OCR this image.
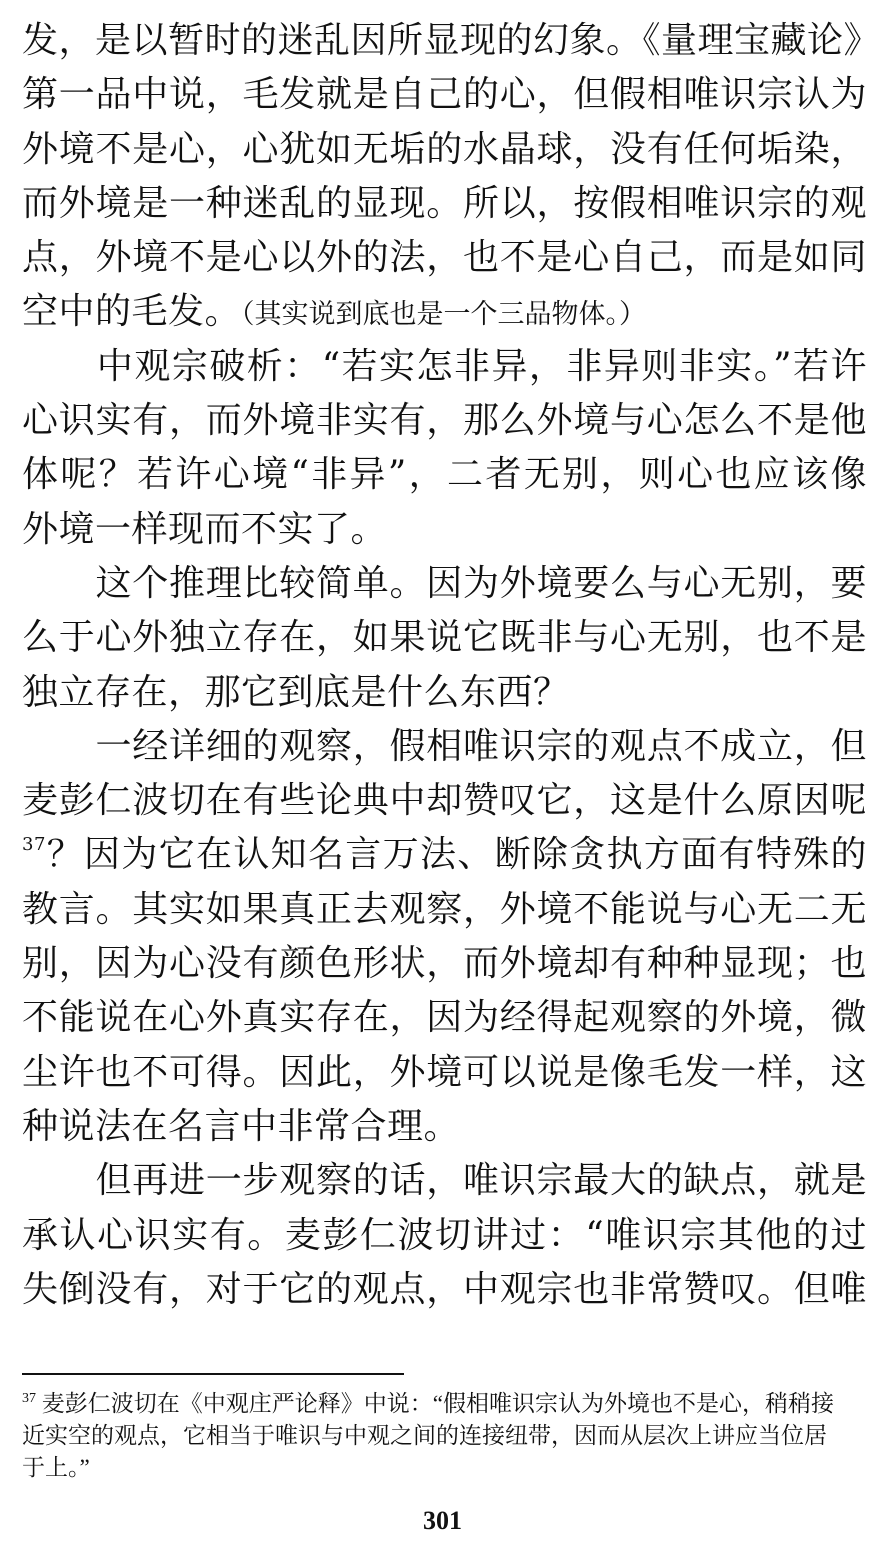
发，是以暂时的迷乱因所显现的幻象。《量理宝藏论》
第一品中说，毛发就是自己的心，但假相唯识宗认为
外境不是心，心犹如无垢的水晶球，没有任何垢染，
而外境是一种迷乱的显现。所以，按假相唯识宗的观
点，外境不是心以外的法，也不是心自己，而是如同
空中的毛发。（其实说到底也是一个三品物体。）
　　中观宗破析：“若实怎非异，非异则非实。”若许
心识实有，而外境非实有，那么外境与心怎么不是他
体呢？若许心境“非异”，二者无别，则心也应该像
外境一样现而不实了。
　　这个推理比较简单。因为外境要么与心无别，要
么于心外独立存在，如果说它既非与心无别，也不是
独立存在，那它到底是什么东西？
　　一经详细的观察，假相唯识宗的观点不成立，但
麦彭仁波切在有些论典中却赞叹它，这是什么原因呢
$^{37}$？因为它在认知名言万法、断除贪执方面有特殊的
教言。其实如果真正去观察，外境不能说与心无二无
别，因为心没有颜色形状，而外境却有种种显现；也
不能说在心外真实存在，因为经得起观察的外境，微
尘许也不可得。因此，外境可以说是像毛发一样，这
种说法在名言中非常合理。
　　但再进一步观察的话，唯识宗最大的缺点，就是
承认心识实有。麦彭仁波切讲过：“唯识宗其他的过
失倒没有，对于它的观点，中观宗也非常赞叹。但唯
$^{37}$ 麦彭仁波切在《中观庄严论释》中说：“假相唯识宗认为外境也不是心，稍稍接
近实空的观点，它相当于唯识与中观之间的连接纽带，因而从层次上讲应当位居
于上。”
301
